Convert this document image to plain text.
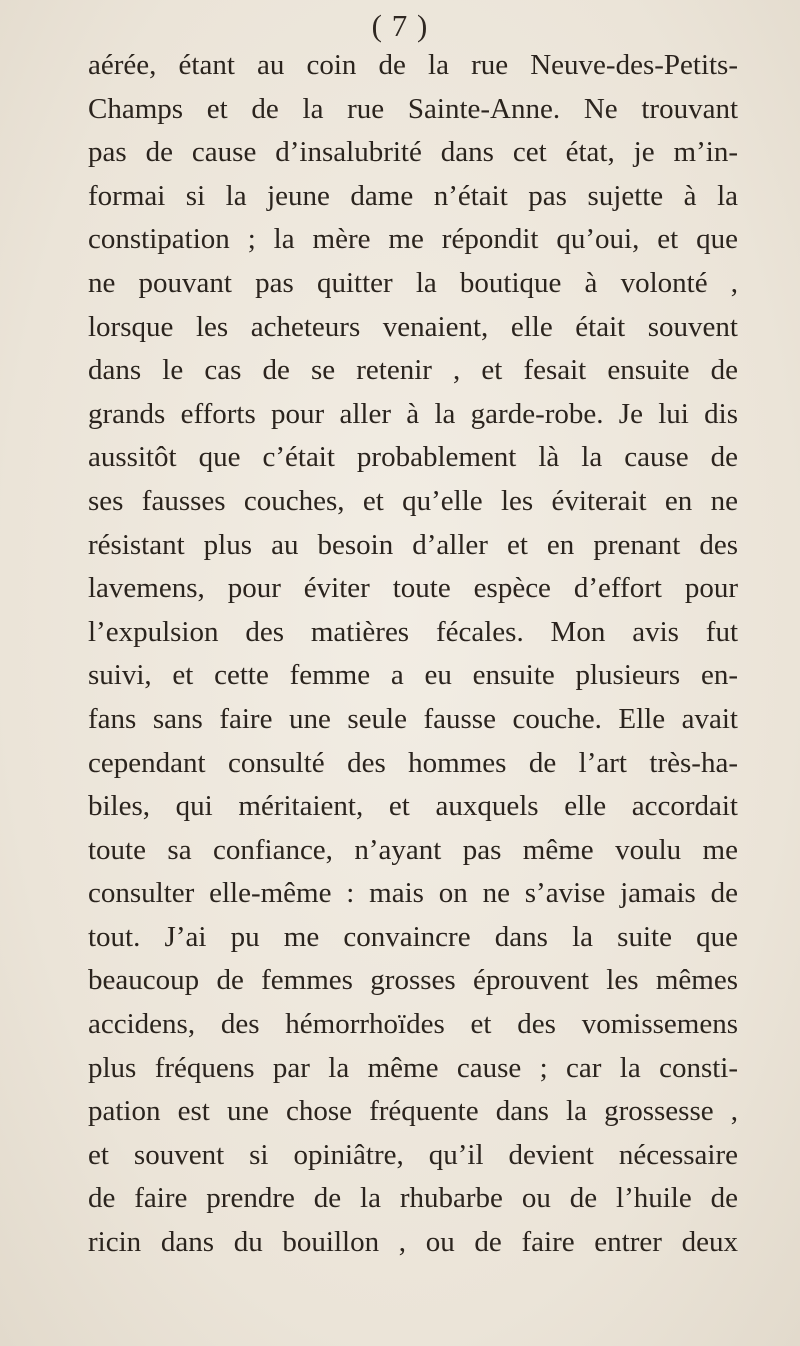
( 7 )
aérée, étant au coin de la rue Neuve-des-Petits-
Champs et de la rue Sainte-Anne. Ne trouvant
pas de cause d’insalubrité dans cet état, je m’in-
formai si la jeune dame n’était pas sujette à la
constipation ; la mère me répondit qu’oui, et que
ne pouvant pas quitter la boutique à volonté ,
lorsque les acheteurs venaient, elle était souvent
dans le cas de se retenir , et fesait ensuite de
grands efforts pour aller à la garde-robe. Je lui dis
aussitôt que c’était probablement là la cause de
ses fausses couches, et qu’elle les éviterait en ne
résistant plus au besoin d’aller et en prenant des
lavemens, pour éviter toute espèce d’effort pour
l’expulsion des matières fécales. Mon avis fut
suivi, et cette femme a eu ensuite plusieurs en-
fans sans faire une seule fausse couche. Elle avait
cependant consulté des hommes de l’art très-ha-
biles, qui méritaient, et auxquels elle accordait
toute sa confiance, n’ayant pas même voulu me
consulter elle-même : mais on ne s’avise jamais de
tout. J’ai pu me convaincre dans la suite que
beaucoup de femmes grosses éprouvent les mêmes
accidens, des hémorrhoïdes et des vomissemens
plus fréquens par la même cause ; car la consti-
pation est une chose fréquente dans la grossesse ,
et souvent si opiniâtre, qu’il devient nécessaire
de faire prendre de la rhubarbe ou de l’huile de
ricin dans du bouillon , ou de faire entrer deux
